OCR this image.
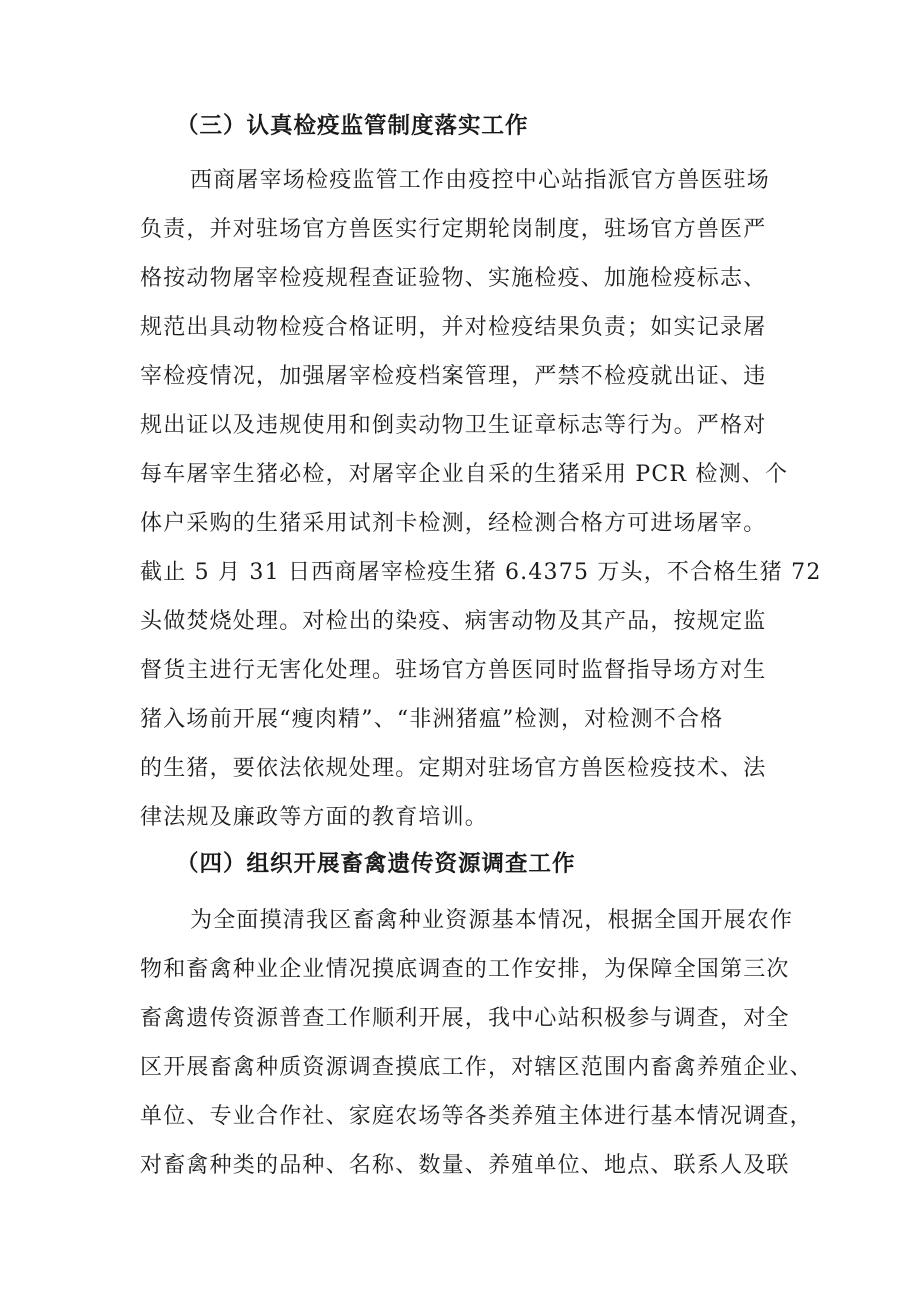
（三）认真检疫监管制度落实工作
西商屠宰场检疫监管工作由疫控中心站指派官方兽医驻场
负责，并对驻场官方兽医实行定期轮岗制度，驻场官方兽医严
格按动物屠宰检疫规程查证验物、实施检疫、加施检疫标志、
规范出具动物检疫合格证明，并对检疫结果负责；如实记录屠
宰检疫情况，加强屠宰检疫档案管理，严禁不检疫就出证、违
规出证以及违规使用和倒卖动物卫生证章标志等行为。严格对
每车屠宰生猪必检，对屠宰企业自采的生猪采用 PCR 检测、个
体户采购的生猪采用试剂卡检测，经检测合格方可进场屠宰。
截止 5 月 31 日西商屠宰检疫生猪 6.4375 万头，不合格生猪 72
头做焚烧处理。对检出的染疫、病害动物及其产品，按规定监
督货主进行无害化处理。驻场官方兽医同时监督指导场方对生
猪入场前开展“瘦肉精”、“非洲猪瘟”检测，对检测不合格
的生猪，要依法依规处理。定期对驻场官方兽医检疫技术、法
律法规及廉政等方面的教育培训。
（四）组织开展畜禽遗传资源调查工作
为全面摸清我区畜禽种业资源基本情况，根据全国开展农作
物和畜禽种业企业情况摸底调查的工作安排，为保障全国第三次
畜禽遗传资源普查工作顺利开展，我中心站积极参与调查，对全
区开展畜禽种质资源调查摸底工作，对辖区范围内畜禽养殖企业、
单位、专业合作社、家庭农场等各类养殖主体进行基本情况调查，
对畜禽种类的品种、名称、数量、养殖单位、地点、联系人及联
